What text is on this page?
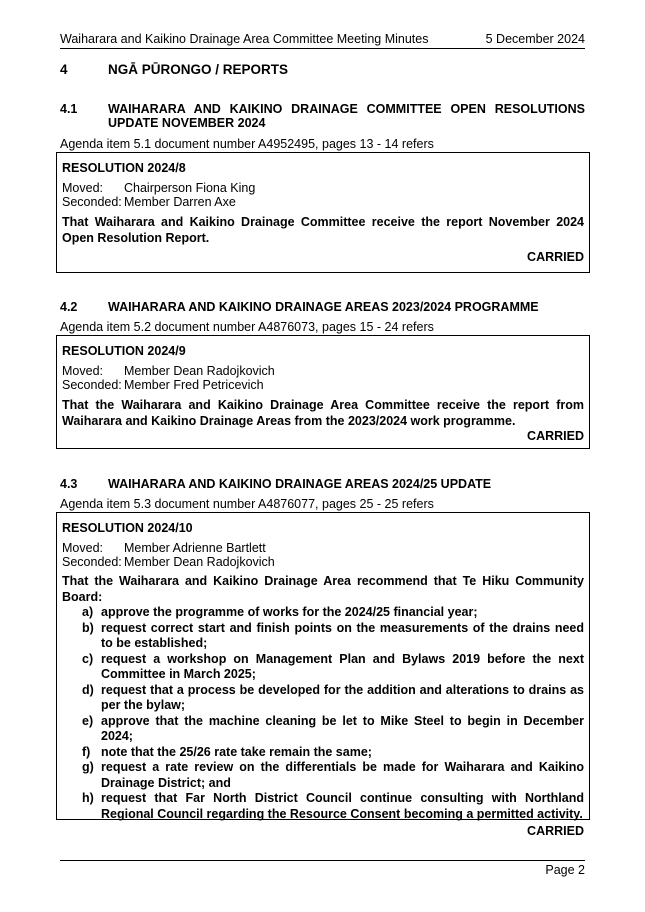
Waiharara and Kaikino Drainage Area Committee Meeting Minutes	5 December 2024
4	NGĀ PŪRONGO / REPORTS
4.1	WAIHARARA AND KAIKINO DRAINAGE COMMITTEE OPEN RESOLUTIONS UPDATE NOVEMBER 2024
Agenda item 5.1 document number A4952495, pages 13 - 14 refers
RESOLUTION 2024/8
Moved:	Chairperson Fiona King
Seconded: Member Darren Axe
That Waiharara and Kaikino Drainage Committee receive the report November 2024 Open Resolution Report.
CARRIED
4.2	WAIHARARA AND KAIKINO DRAINAGE AREAS 2023/2024 PROGRAMME
Agenda item 5.2 document number A4876073, pages 15 - 24 refers
RESOLUTION 2024/9
Moved:	Member Dean Radojkovich
Seconded: Member Fred Petricevich
That the Waiharara and Kaikino Drainage Area Committee receive the report from Waiharara and Kaikino Drainage Areas from the 2023/2024 work programme.
CARRIED
4.3	WAIHARARA AND KAIKINO DRAINAGE AREAS 2024/25 UPDATE
Agenda item 5.3 document number A4876077, pages 25 - 25 refers
RESOLUTION 2024/10
Moved:	Member Adrienne Bartlett
Seconded: Member Dean Radojkovich
That the Waiharara and Kaikino Drainage Area recommend that Te Hiku Community Board:
a) approve the programme of works for the 2024/25 financial year;
b) request correct start and finish points on the measurements of the drains need to be established;
c) request a workshop on Management Plan and Bylaws 2019 before the next Committee in March 2025;
d) request that a process be developed for the addition and alterations to drains as per the bylaw;
e) approve that the machine cleaning be let to Mike Steel to begin in December 2024;
f) note that the 25/26 rate take remain the same;
g) request a rate review on the differentials be made for Waiharara and Kaikino Drainage District; and
h) request that Far North District Council continue consulting with Northland Regional Council regarding the Resource Consent becoming a permitted activity.
CARRIED
Page 2
